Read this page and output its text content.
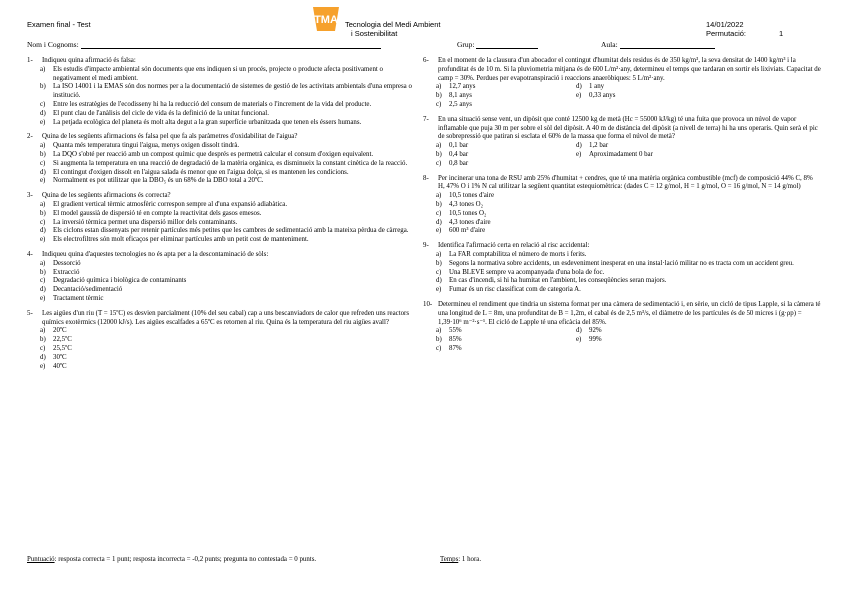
Examen final - Test	TMA Tecnologia del Medi Ambient
i Sostenibilitat
14/01/2022
Permutació:	1
Nom i Cognoms:	Grup:	Aula:
1-	Indiqueu quina afirmació és falsa:
a)	Els estudis d'impacte ambiental són documents que ens indiquen si un procés, projecte o producte afecta positivament o negativament el medi ambient.
b)	La ISO 14001 i la EMAS són dos normes per a la documentació de sistemes de gestió de les activitats ambientals d'una empresa o institució.
c)	Entre les estratègies de l'ecodisseny hi ha la reducció del consum de materials o l'increment de la vida del producte.
d)	El punt clau de l'anàlisis del cicle de vida és la definició de la unitat funcional.
e)	La petjada ecològica del planeta és molt alta degut a la gran superfície urbanitzada que tenen els éssers humans.
2-	Quina de les següents afirmacions és falsa pel que fa als paràmetres d'oxidabilitat de l'aigua?
a)	Quanta més temperatura tingui l'aigua, menys oxigen dissolt tindrà.
b)	La DQO s'obté per reacció amb un compost químic que després es permetrà calcular el consum d'oxigen equivalent.
c)	Si augmenta la temperatura en una reacció de degradació de la matèria orgànica, es disminueix la constant cinètica de la reacció.
d)	El contingut d'oxigen dissolt en l'aigua salada és menor que en l'aigua dolça, si es mantenen les condicions.
e)	Normalment es pot utilitzar que la DBO₅ és un 68% de la DBO total a 20ºC.
3-	Quina de les següents afirmacions és correcta?
a)	El gradient vertical tèrmic atmosfèric correspon sempre al d'una expansió adiabàtica.
b)	El model gaussià de dispersió té en compte la reactivitat dels gasos emesos.
c)	La inversió tèrmica permet una dispersió millor dels contaminants.
d)	Els ciclons estan dissenyats per retenir partícules més petites que les cambres de sedimentació amb la mateixa pèrdua de càrrega.
e)	Els electrofiltres són molt eficaços per eliminar partícules amb un petit cost de manteniment.
4-	Indiqueu quina d'aquestes tecnologies no és apta per a la descontaminació de sòls:
a)	Dessorció
b)	Extracció
c)	Degradació química i biològica de contaminants
d)	Decantació/sedimentació
e)	Tractament tèrmic
5-	Les aigües d'un riu (T = 15ºC) es desvien parcialment (10% del seu cabal) cap a uns bescanviadors de calor que refreden uns reactors químics exotèrmics (12000 kJ/s). Les aigües escalfades a 65ºC es retornen al riu. Quina és la temperatura del riu aigües avall?
a)	20ºC
b)	22,5ºC
c)	25,5ºC
d)	30ºC
e)	40ºC
6-	En el moment de la clausura d'un abocador el contingut d'humitat dels residus és de 350 kg/m³, la seva densitat de 1400 kg/m³ i la profunditat és de 10 m. Si la pluviometria mitjana és de 600 L/m²·any, determineu el temps que tardaran en sortir els lixiviats. Capacitat de camp = 30%. Perdues per evapotranspiració i reaccions anaeròbiques: 5 L/m²·any.
a)	12,7 anys	d)	1 any
b)	8,1 anys	e)	0,33 anys
c)	2,5 anys
7-	En una situació sense vent, un dipòsit que conté 12500 kg de metà (Hc = 55000 kJ/kg) té una fuita que provoca un núvol de vapor inflamable que puja 30 m per sobre el sòl del dipòsit. A 40 m de distància del dipòsit (a nivell de terra) hi ha uns operaris. Quin serà el pic de sobrepressió que patiran si esclata el 60% de la massa que forma el núvol de metà?
a)	0,1 bar	d)	1,2 bar
b)	0,4 bar	e)	Aproximadament 0 bar
c)	0,8 bar
8-	Per incinerar una tona de RSU amb 25% d'humitat + cendres, que té una matèria orgànica combustible (mcf) de composició 44% C, 8% H, 47% O i 1% N cal utilitzar la següent quantitat estequiomètrica: (dades C = 12 g/mol, H = 1 g/mol, O = 16 g/mol, N = 14 g/mol)
a)	10,5 tones d'aire
b)	4,3 tones O₂
c)	10,5 tones O₂
d)	4,3 tones d'aire
e)	600 m³ d'aire
9-	Identifica l'afirmació certa en relació al risc accidental:
a)	La FAR comptabilitza el número de morts i ferits.
b)	Segons la normativa sobre accidents, un esdeveniment inesperat en una instal·lació militar no es tracta com un accident greu.
c)	Una BLEVE sempre va acompanyada d'una bola de foc.
d)	En cas d'incendi, si hi ha humitat en l'ambient, les conseqüències seran majors.
e)	Fumar és un risc classificat com de categoria A.
10- Determineu el rendiment que tindria un sistema format per una càmera de sedimentació i, en sèrie, un cicló de tipus Lapple, si la càmera té una longitud de L = 8m, una profunditat de B = 1,2m, el cabal és de 2,5 m³/s, el diàmetre de les partícules és de 50 micres i (g·ρp) = 1,39·10⁶ m⁻²·s⁻¹. El cicló de Lapple té una eficàcia del 85%.
a)	55%	d)	92%
b)	85%	e)	99%
c)	87%
Puntuació: resposta correcta = 1 punt; resposta incorrecta = -0,2 punts; pregunta no contestada = 0 punts.	Temps: 1 hora.
